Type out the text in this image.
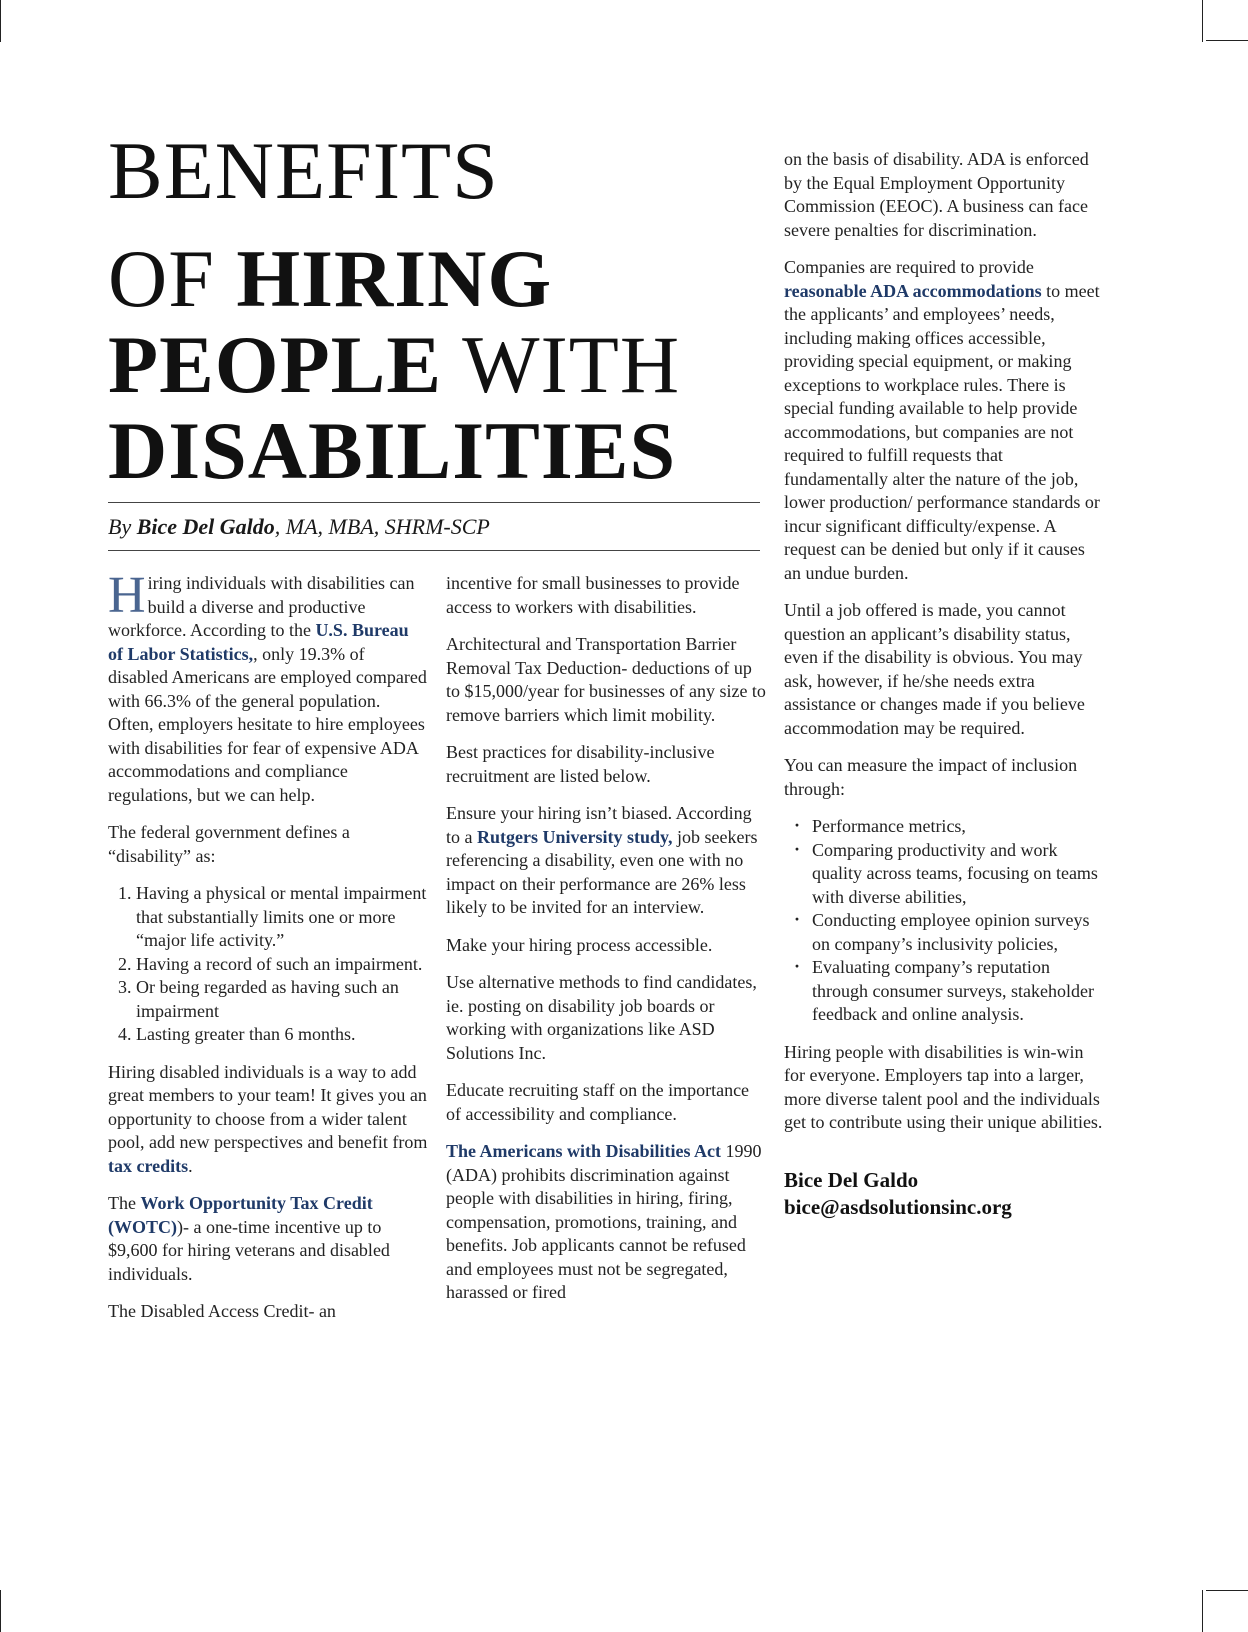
BENEFITS
OF HIRING
PEOPLE WITH
DISABILITIES
By Bice Del Galdo, MA, MBA, SHRM-SCP

Hiring individuals with disabilities can build a diverse and productive workforce. According to the U.S. Bureau of Labor Statistics,, only 19.3% of disabled Americans are employed compared with 66.3% of the general population. Often, employers hesitate to hire employees with disabilities for fear of expensive ADA accommodations and compliance regulations, but we can help.

The federal government defines a “disability” as:

1. Having a physical or mental impairment that substantially limits one or more “major life activity.”
2. Having a record of such an impairment.
3. Or being regarded as having such an impairment
4. Lasting greater than 6 months.

Hiring disabled individuals is a way to add great members to your team! It gives you an opportunity to choose from a wider talent pool, add new perspectives and benefit from tax credits.

The Work Opportunity Tax Credit (WOTC))- a one-time incentive up to $9,600 for hiring veterans and disabled individuals.

The Disabled Access Credit- an

incentive for small businesses to provide access to workers with disabilities.

Architectural and Transportation Barrier Removal Tax Deduction- deductions of up to $15,000/year for businesses of any size to remove barriers which limit mobility.

Best practices for disability-inclusive recruitment are listed below.

Ensure your hiring isn’t biased. According to a Rutgers University study, job seekers referencing a disability, even one with no impact on their performance are 26% less likely to be invited for an interview.

Make your hiring process accessible.

Use alternative methods to find candidates, ie. posting on disability job boards or working with organizations like ASD Solutions Inc.

Educate recruiting staff on the importance of accessibility and compliance.

The Americans with Disabilities Act 1990 (ADA) prohibits discrimination against people with disabilities in hiring, firing, compensation, promotions, training, and benefits. Job applicants cannot be refused and employees must not be segregated, harassed or fired

on the basis of disability. ADA is enforced by the Equal Employment Opportunity Commission (EEOC). A business can face severe penalties for discrimination.

Companies are required to provide reasonable ADA accommodations to meet the applicants’ and employees’ needs, including making offices accessible, providing special equipment, or making exceptions to workplace rules. There is special funding available to help provide accommodations, but companies are not required to fulfill requests that fundamentally alter the nature of the job, lower production/ performance standards or incur significant difficulty/expense. A request can be denied but only if it causes an undue burden.

Until a job offered is made, you cannot question an applicant’s disability status, even if the disability is obvious. You may ask, however, if he/she needs extra assistance or changes made if you believe accommodation may be required.

You can measure the impact of inclusion through:

· Performance metrics,
· Comparing productivity and work quality across teams, focusing on teams with diverse abilities,
· Conducting employee opinion surveys on company’s inclusivity policies,
· Evaluating company’s reputation through consumer surveys, stakeholder feedback and online analysis.

Hiring people with disabilities is win-win for everyone. Employers tap into a larger, more diverse talent pool and the individuals get to contribute using their unique abilities.

Bice Del Galdo
bice@asdsolutionsinc.org
